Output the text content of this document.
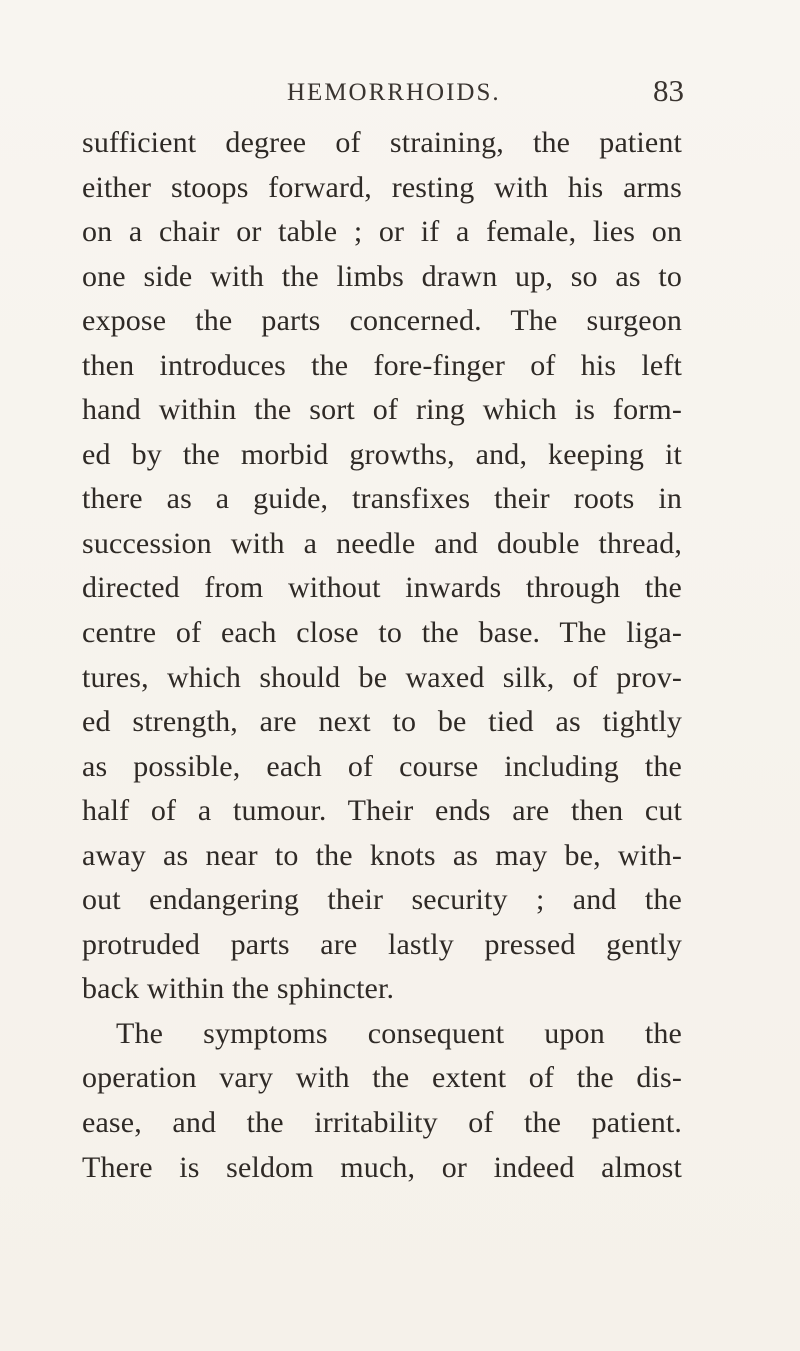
HEMORRHOIDS.	83
sufficient degree of straining, the patient
either stoops forward, resting with his arms
on a chair or table ; or if a female, lies on
one side with the limbs drawn up, so as to
expose the parts concerned. The surgeon
then introduces the fore-finger of his left
hand within the sort of ring which is form-
ed by the morbid growths, and, keeping it
there as a guide, transfixes their roots in
succession with a needle and double thread,
directed from without inwards through the
centre of each close to the base. The liga-
tures, which should be waxed silk, of prov-
ed strength, are next to be tied as tightly
as possible, each of course including the
half of a tumour. Their ends are then cut
away as near to the knots as may be, with-
out endangering their security ; and the
protruded parts are lastly pressed gently
back within the sphincter.
The symptoms consequent upon the
operation vary with the extent of the dis-
ease, and the irritability of the patient.
There is seldom much, or indeed almost
